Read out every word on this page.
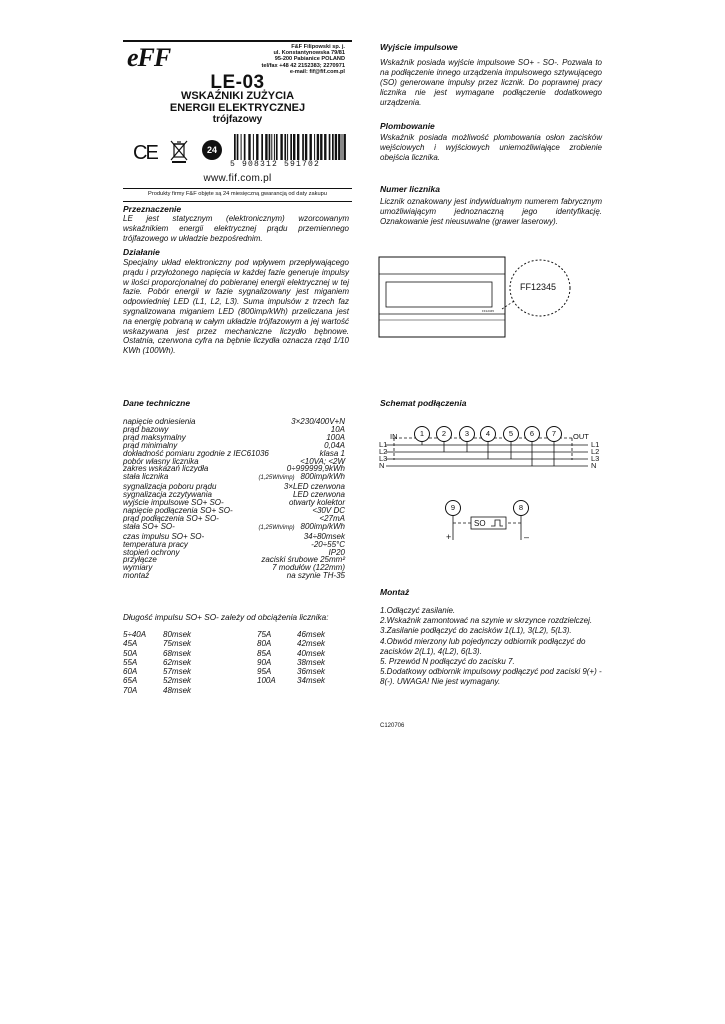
eFF	F&F Filipowski sp. j.
ul. Konstantynowska 79/81
95-200 Pabianice POLAND
tel/fax +48 42 2152383; 2270971
e-mail: fif@fif.com.pl
LE-03
WSKAŹNIKI ZUŻYCIA
ENERGII ELEKTRYCZNEJ
trójfazowy
CE	24
5 908312 591702
www.fif.com.pl
Produkty firmy F&F objęte są 24 miesięczną gwarancją od daty zakupu
Przeznaczenie
LE jest statycznym (elektronicznym) wzorcowanym wskaźnikiem energii elektrycznej prądu przemiennego trójfazowego w układzie bezpośrednim.
Działanie
Specjalny układ elektroniczny pod wpływem przepływającego prądu i przyłożonego napięcia w każdej fazie generuje impulsy w ilości proporcjonalnej do pobieranej energii elektrycznej w tej fazie. Pobór energii w fazie sygnalizowany jest miganiem odpowiedniej LED (L1, L2, L3). Suma impulsów z trzech faz sygnalizowana miganiem LED (800imp/kWh) przeliczana jest na energię pobraną w całym układzie trójfazowym a jej wartość wskazywana jest przez mechaniczne liczydło bębnowe. Ostatnia, czerwona cyfra na bębnie liczydła oznacza rząd 1/10 KWh (100Wh).
Dane techniczne
napięcie odniesienia	3×230/400V+N
prąd bazowy	10A
prąd maksymalny	100A
prąd minimalny	0,04A
dokładność pomiaru zgodnie z IEC61036	klasa 1
pobór własny licznika	<10VA; <2W
zakres wskazań liczydła	0÷999999,9kWh
stała licznika	(1,25Wh/imp) 800imp/kWh
sygnalizacja poboru prądu	3×LED czerwona
sygnalizacja zczytywania	LED czerwona
wyjście impulsowe SO+ SO-	otwarty kolektor
napięcie podłączenia SO+ SO-	<30V DC
prąd podłączenia SO+ SO-	<27mA
stała SO+ SO-	(1,25Wh/imp) 800imp/kWh
czas impulsu SO+ SO-	34÷80msek
temperatura pracy	-20÷55°C
stopień ochrony	IP20
przyłącze	zaciski śrubowe 25mm²
wymiary	7 modułów (122mm)
montaż	na szynie TH-35
Długość impulsu SO+ SO- zależy od obciążenia licznika:
5÷40A	80msek
45A	75msek
50A	68msek
55A	62msek
60A	57msek
65A	52msek
70A	48msek
75A	46msek
80A	42msek
85A	40msek
90A	38msek
95A	36msek
100A	34msek
Wyjście impulsowe
Wskaźnik posiada wyjście impulsowe SO+ - SO-. Pozwala to na podłączenie innego urządzenia impulsowego sztywującego (SO) generowane impulsy przez licznik. Do poprawnej pracy licznika nie jest wymagane podłączenie dodatkowego urządzenia.
Plombowanie
Wskaźnik posiada możliwość plombowania osłon zacisków wejściowych i wyjściowych uniemożliwiające zrobienie obejścia licznika.
Numer licznika
Licznik oznakowany jest indywidualnym numerem fabrycznym umożliwiającym jednoznaczną jego identyfikację. Oznakowanie jest nieusuwalne (grawer laserowy).
FF12345
FF12345
Schemat podłączenia
1	2	3	4	5	6	7
9	8
IN	OUT
L1
L2
L3
N
L1
L2
L3
N
SO
+	–
Montaż
1.Odłączyć zasilanie.
2.Wskaźnik zamontować na szynie w skrzynce rozdzielczej.
3.Zasilanie podłączyć do zacisków 1(L1), 3(L2), 5(L3).
4.Obwód mierzony lub pojedynczy odbiornik podłączyć do zacisków 2(L1), 4(L2), 6(L3).
5. Przewód N podłączyć do zacisku 7.
5.Dodatkowy odbiornik impulsowy podłączyć pod zaciski 9(+) - 8(-). UWAGA! Nie jest wymagany.
C120706
